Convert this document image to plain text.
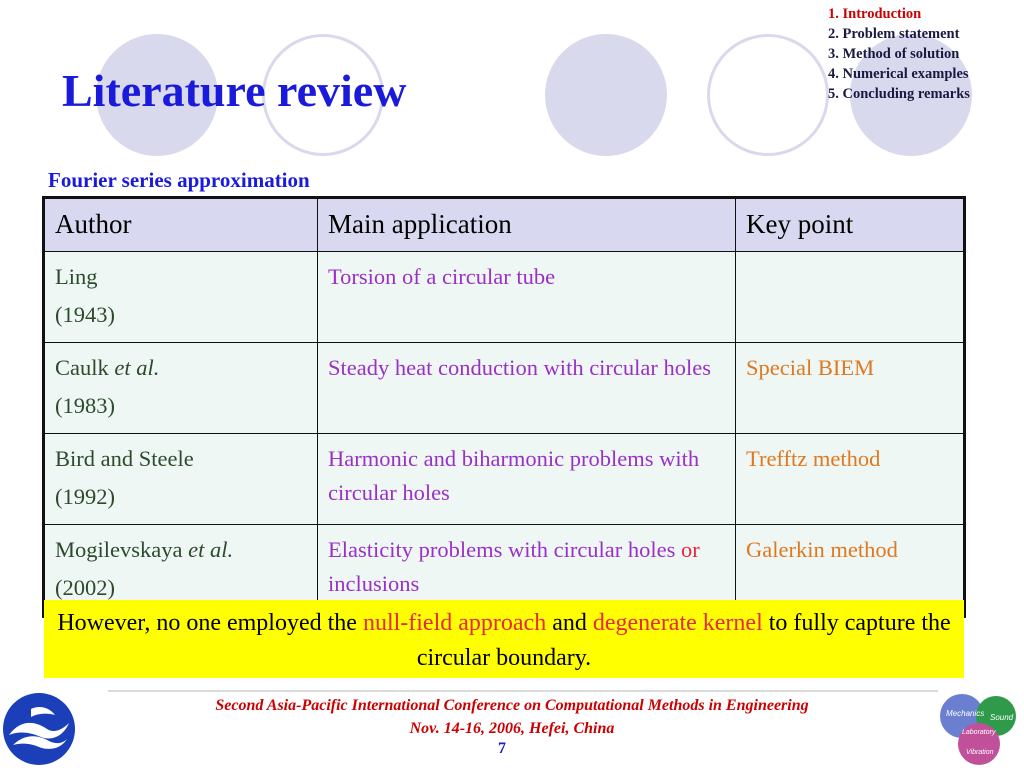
Literature review
1. Introduction
2. Problem statement
3. Method of solution
4. Numerical examples
5. Concluding remarks

Fourier series approximation

Author	Main application	Key point
Ling
(1943)	Torsion of a circular tube	
Caulk et al.
(1983)	Steady heat conduction with circular holes	Special BIEM
Bird and Steele
(1992)	Harmonic and biharmonic problems with circular holes	Trefftz method
Mogilevskaya et al.
(2002)	Elasticity problems with circular holes or inclusions	Galerkin method
However, no one employed the null-field approach and degenerate kernel to fully capture the circular boundary.
Mechanics Sound
Laboratory
Vibration

Second Asia-Pacific International Conference on Computational Methods in Engineering

Nov. 14-16, 2006, Hefei, China

7
